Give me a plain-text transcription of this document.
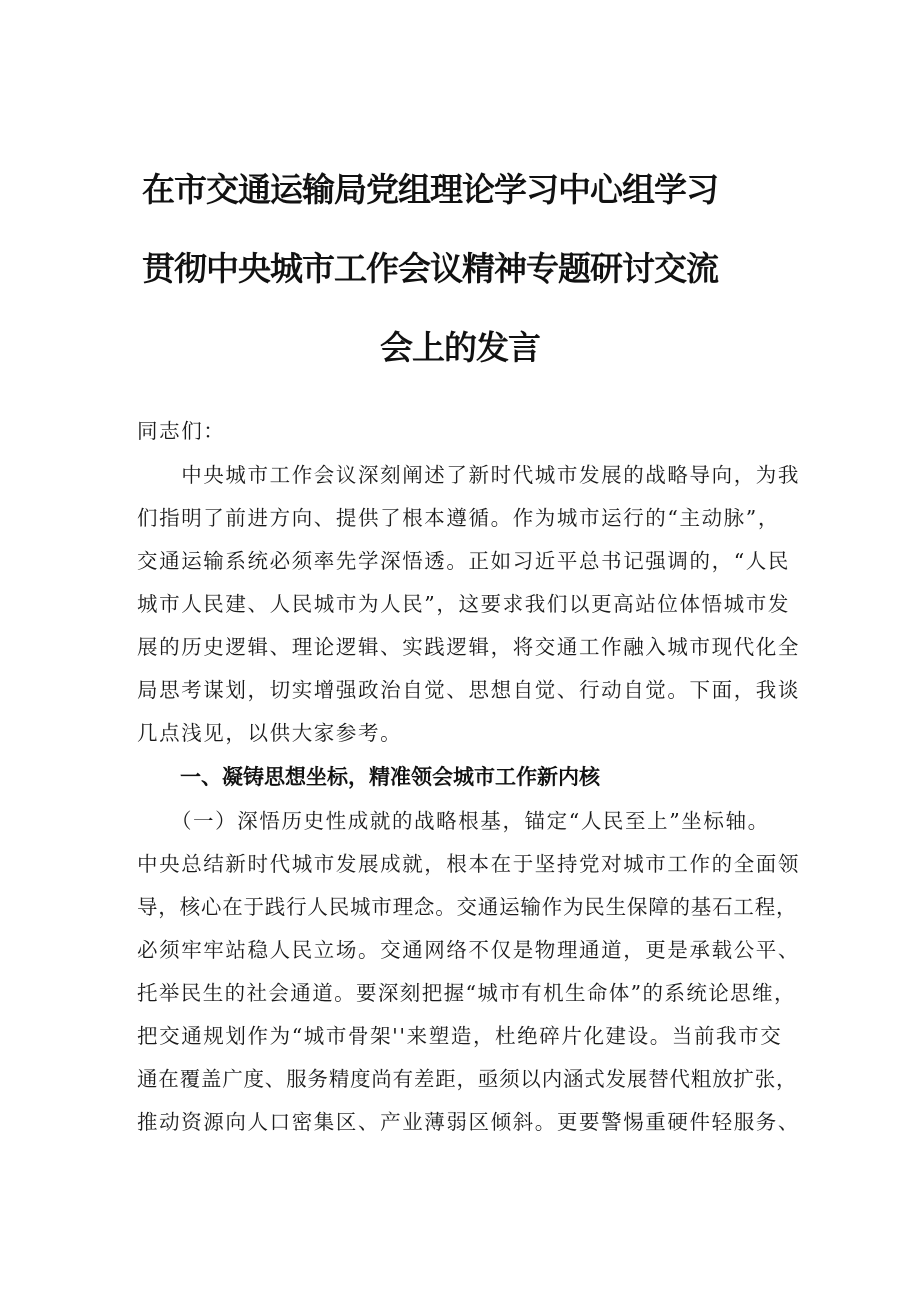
在市交通运输局党组理论学习中心组学习
贯彻中央城市工作会议精神专题研讨交流
会上的发言
同志们：
　　中央城市工作会议深刻阐述了新时代城市发展的战略导向，为我
们指明了前进方向、提供了根本遵循。作为城市运行的“主动脉”，
交通运输系统必须率先学深悟透。正如习近平总书记强调的，“人民
城市人民建、人民城市为人民”，这要求我们以更高站位体悟城市发
展的历史逻辑、理论逻辑、实践逻辑，将交通工作融入城市现代化全
局思考谋划，切实增强政治自觉、思想自觉、行动自觉。下面，我谈
几点浅见，以供大家参考。
一、凝铸思想坐标，精准领会城市工作新内核
　　（一）深悟历史性成就的战略根基，锚定“人民至上”坐标轴。
中央总结新时代城市发展成就，根本在于坚持党对城市工作的全面领
导，核心在于践行人民城市理念。交通运输作为民生保障的基石工程，
必须牢牢站稳人民立场。交通网络不仅是物理通道，更是承载公平、
托举民生的社会通道。要深刻把握“城市有机生命体”的系统论思维，
把交通规划作为“城市骨架''来塑造，杜绝碎片化建设。当前我市交
通在覆盖广度、服务精度尚有差距，亟须以内涵式发展替代粗放扩张，
推动资源向人口密集区、产业薄弱区倾斜。更要警惕重硬件轻服务、
